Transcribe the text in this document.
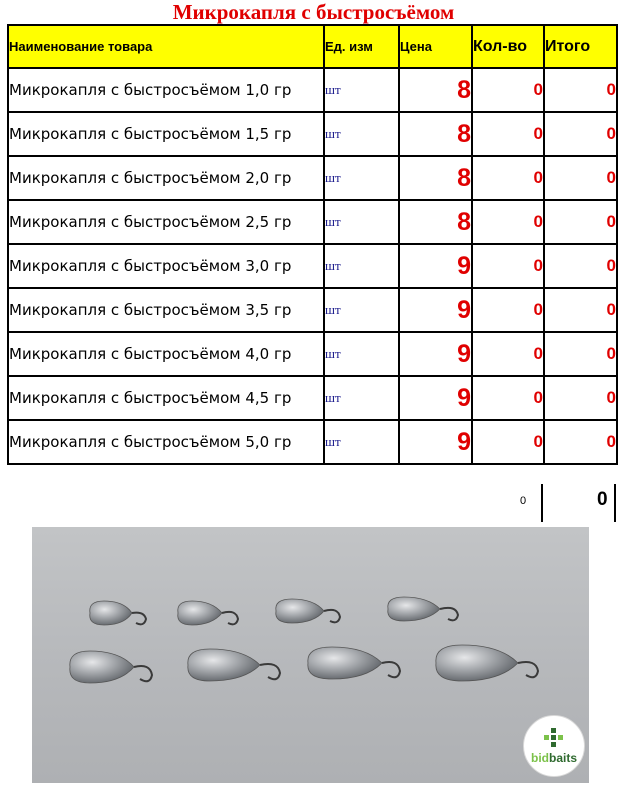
Микрокапля с быстросъёмом
Наименование товара	Ед. изм	Цена	Кол-во	Итого
Микрокапля с быстросъёмом 1,0 гр	шт	8	0	0
Микрокапля с быстросъёмом 1,5 гр	шт	8	0	0
Микрокапля с быстросъёмом 2,0 гр	шт	8	0	0
Микрокапля с быстросъёмом 2,5 гр	шт	8	0	0
Микрокапля с быстросъёмом 3,0 гр	шт	9	0	0
Микрокапля с быстросъёмом 3,5 гр	шт	9	0	0
Микрокапля с быстросъёмом 4,0 гр	шт	9	0	0
Микрокапля с быстросъёмом 4,5 гр	шт	9	0	0
Микрокапля с быстросъёмом 5,0 гр	шт	9	0	0
0	0
bidbaits
